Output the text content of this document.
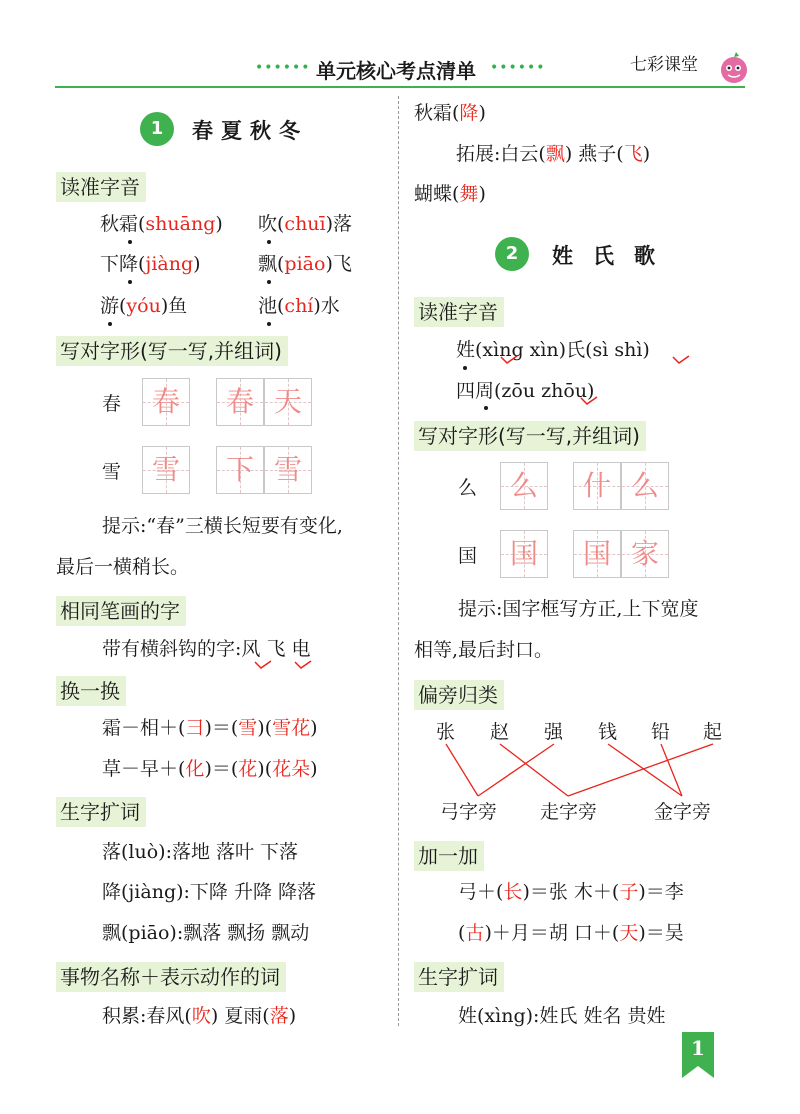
•••••• 单元核心考点清单 ••••••	七彩课堂
1	春夏秋冬
读准字音
秋霜(shuāng) 吹(chuī)落
下降(jiàng)	飘(piāo)飞
游(yóu)鱼	池(chí)水
写对字形(写一写,并组词)
春	春	春 天
雪	雪	下 雪
提示:“春”三横长短要有变化,
最后一横稍长。
相同笔画的字
带有横斜钩的字:风 飞 电
换一换
霜－相＋(彐)＝(雪)(雪花)
草－早＋(化)＝(花)(花朵)
生字扩词
落(luò):落地 落叶 下落
降(jiàng):下降 升降 降落
飘(piāo):飘落 飘扬 飘动
事物名称＋表示动作的词
积累:春风(吹) 夏雨(落)
秋霜(降)
拓展:白云(飘) 燕子(飞)
蝴蝶(舞)
2	姓氏歌
读准字音
姓(xìng xìn)氏(sì shì)
四周(zōu zhōu)
写对字形(写一写,并组词)
么	么	什 么
国	国	国 家
提示:国字框写方正,上下宽度
相等,最后封口。
偏旁归类
张 赵 强 钱 铅 起
弓字旁 走字旁	金字旁
加一加
弓＋(长)＝张 木＋(子)＝李
(古)＋月＝胡 口＋(天)＝吴
生字扩词
姓(xìng):姓氏 姓名 贵姓
1
